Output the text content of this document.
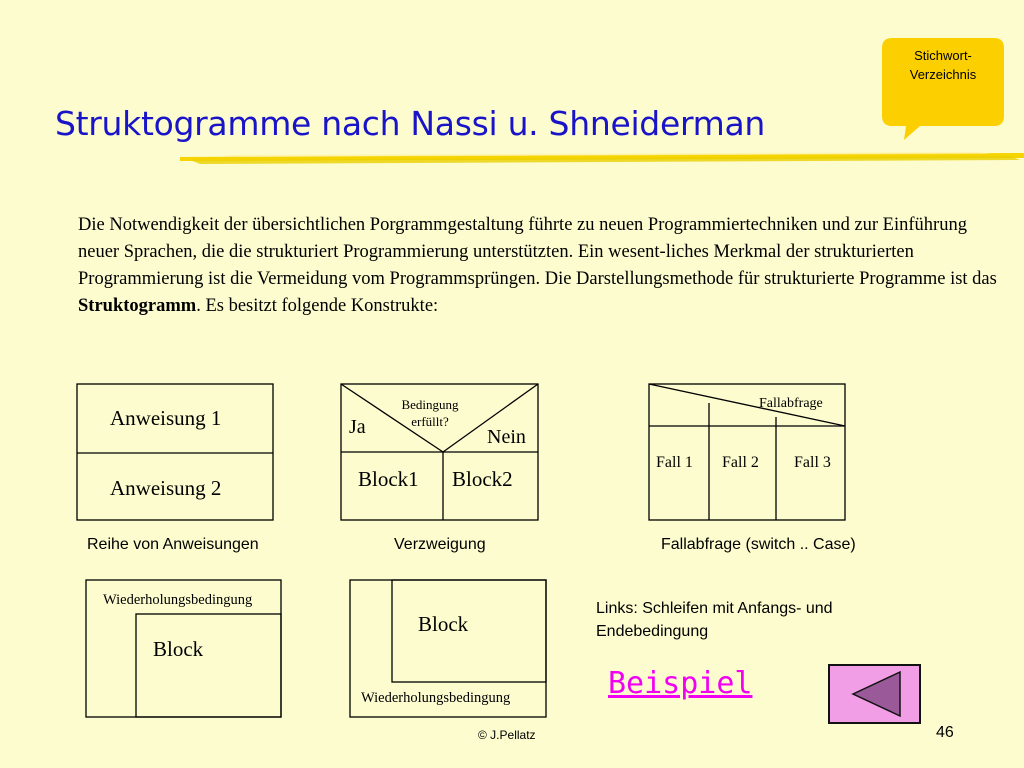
Struktogramme nach Nassi u. Shneiderman
Stichwort-
Verzeichnis

Die Notwendigkeit der übersichtlichen Porgrammgestaltung führte zu neuen Programmiertechniken und zur Einführung neuer Sprachen, die die strukturiert Programmierung unterstützten. Ein wesent-liches Merkmal der strukturierten Programmierung ist die Vermeidung vom Programmsprüngen. Die Darstellungsmethode für strukturierte Programme ist das Struktogramm. Es besitzt folgende Konstrukte:

Anweisung 1
Anweisung 2
Reihe von Anweisungen
Bedingung
erfüllt?
Ja	Nein
Block1 Block2
Verzweigung
Fallabfrage
Fall 1 Fall 2 Fall 3
Fallabfrage (switch .. Case)
Wiederholungsbedingung
Block
Block
Wiederholungsbedingung
Links: Schleifen mit Anfangs- und Endebedingung
Beispiel
© J.Pellatz	46
